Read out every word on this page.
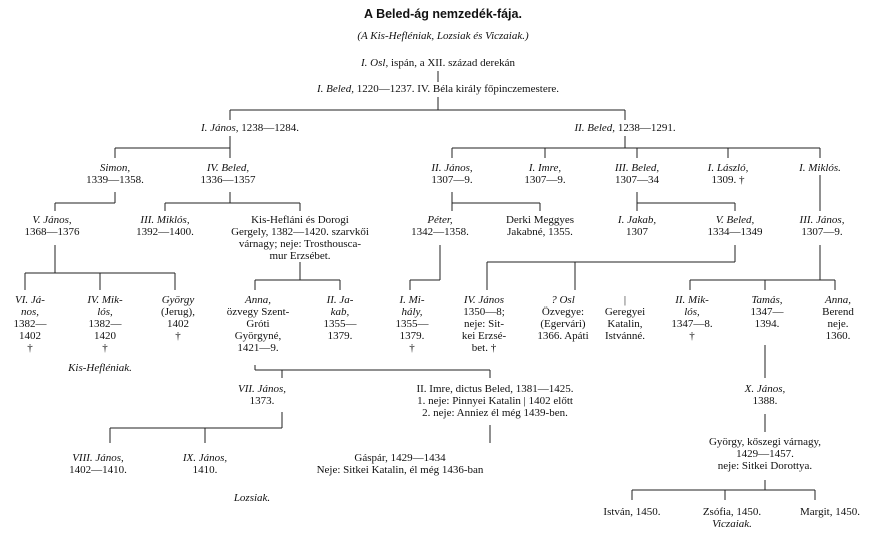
A Beled-ág nemzedék-fája.
(A Kis-Hefléniak, Lozsiak és Viczaiak.)
I. Osl, ispán, a XII. század derekán
I. Beled, 1220—1237. IV. Béla király főpinczemestere.
I. János, 1238—1284.	II. Beled, 1238—1291.
Simon,
1339—1358.
IV. Beled,
1336—1357
II. János,
1307—9.
I. Imre,
1307—9.
III. Beled,
1307—34
I. László,
1309. †
I. Miklós.
V. János,
1368—1376
III. Miklós,
1392—1400.
Kis-Hefláni és Dorogi
Gergely, 1382—1420. szarvkői
várnagy; neje: Trosthousca-
mur Erzsébet.
Péter,
1342—1358.
Derki Meggyes
Jakabné, 1355.
I. Jakab,
1307
V. Beled,
1334—1349
III. János,
1307—9.
VI. Já-
nos,
1382—
1402
†
IV. Mik-
lós,
1382—
1420
†
György
(Jerug),
1402
†
Anna,
özvegy Szent-
Gróti
Györgyné,
1421—9.
II. Ja-
kab,
1355—
1379.
I. Mi-
hály,
1355—
1379.
†
IV. János
1350—8;
neje: Sit-
kei Erzsé-
bet. †
? Osl
Özvegye:
(Egervári)
1366. Apáti
|
Geregyei
Katalin,
Istvánné.
II. Mik-
lós,
1347—8.
†
Tamás,
1347—
1394.
Anna,
Berend
neje.
1360.
Kis-Hefléniak.
VII. János,
1373.
II. Imre, dictus Beled, 1381—1425.
1. neje: Pinnyei Katalin | 1402 előtt
2. neje: Anniez él még 1439-ben.
X. János,
1388.
György, kőszegi várnagy,
1429—1457.
neje: Sitkei Dorottya.
VIII. János,
1402—1410.
IX. János,
1410.
Gáspár, 1429—1434
Neje: Sitkei Katalin, él még 1436-ban
Lozsiak.
István, 1450.	Zsófia, 1450.
Viczaiak.
Margit, 1450.
